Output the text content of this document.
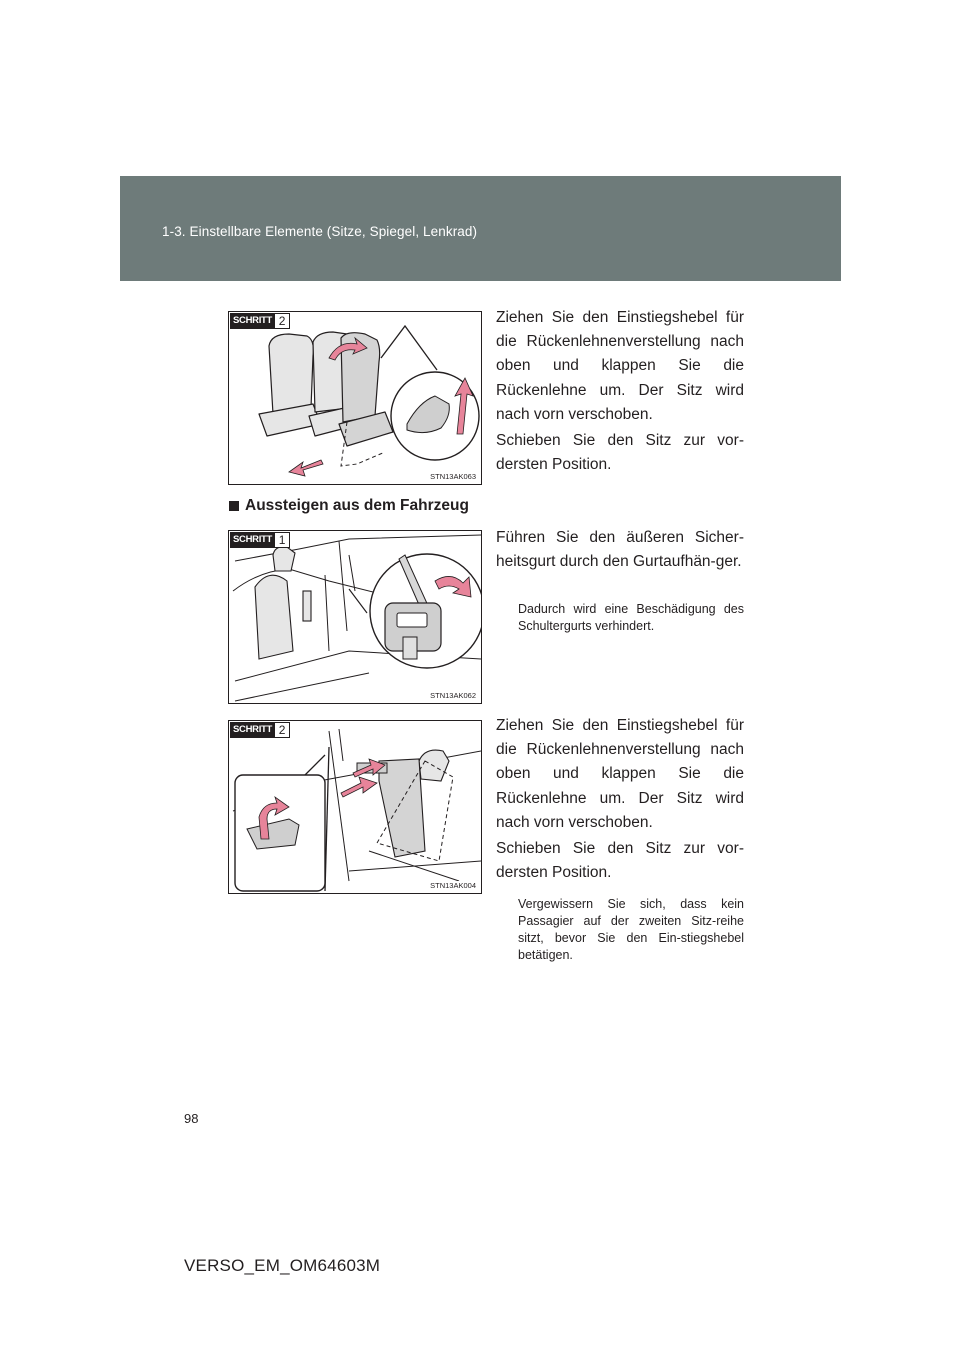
1-3. Einstellbare Elemente (Sitze, Spiegel, Lenkrad)
SCHRITT 2
STN13AK063

Ziehen Sie den Einstiegshebel für die Rückenlehnenverstellung nach oben und klappen Sie die Rückenlehne um. Der Sitz wird nach vorn verschoben.

Schieben Sie den Sitz zur vor-dersten Position.

Aussteigen aus dem Fahrzeug
SCHRITT 1
STN13AK062

Führen Sie den äußeren Sicher-heitsgurt durch den Gurtaufhän-ger.

Dadurch wird eine Beschädigung des Schultergurts verhindert.

SCHRITT 2
STN13AK004

Ziehen Sie den Einstiegshebel für die Rückenlehnenverstellung nach oben und klappen Sie die Rückenlehne um. Der Sitz wird nach vorn verschoben.

Schieben Sie den Sitz zur vor-dersten Position.

Vergewissern Sie sich, dass kein Passagier auf der zweiten Sitz-reihe sitzt, bevor Sie den Ein-stiegshebel betätigen.

98
VERSO_EM_OM64603M
